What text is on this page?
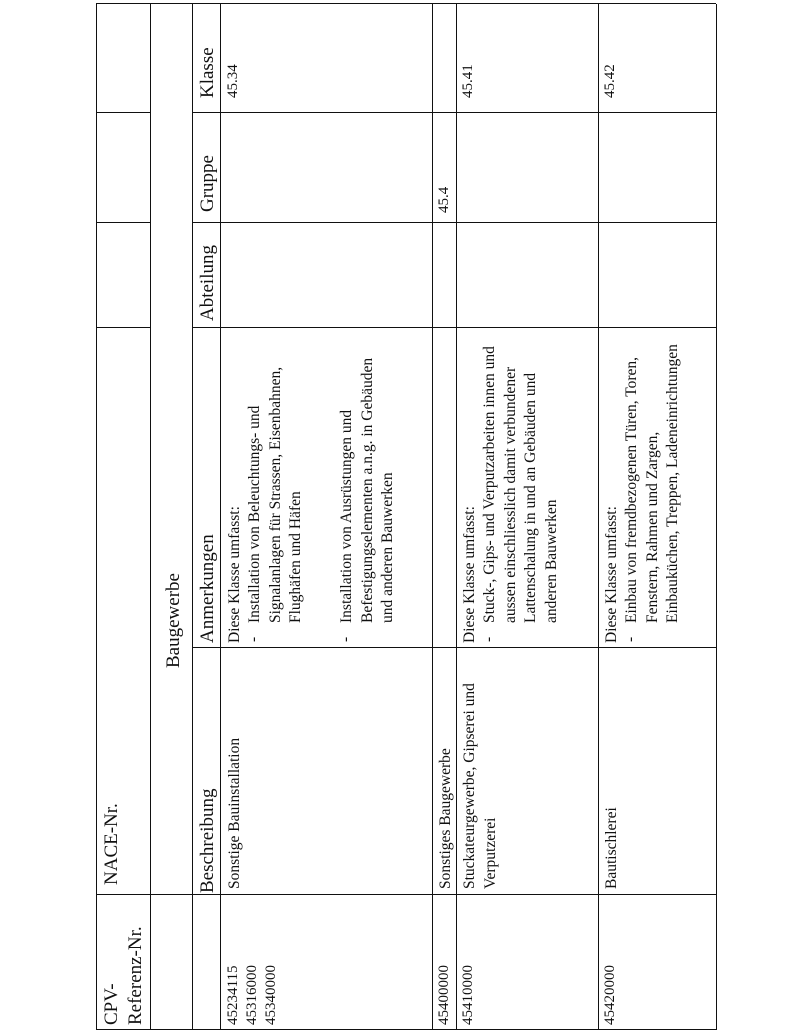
CPV- Referenz-Nr.
NACE-Nr.
Baugewerbe
Beschreibung
Anmerkungen
Abteilung
Gruppe
Klasse
45234115 45316000 45340000
Sonstige Bauinstallation
Diese Klasse umfasst: -
Installation von Beleuchtungs- und Signalanlagen für Strassen, Eisenbahnen, Flughäfen und Häfen
-
Installation von Ausrüstungen und Befestigungselementen a.n.g. in Gebäuden und anderen Bauwerken
45.34
45400000
Sonstiges Baugewerbe
45.4
45410000
Stuckateurgewerbe, Gipserei und Verputzerei
Diese Klasse umfasst: -
Stuck-, Gips- und Verputzarbeiten innen und aussen einschliesslich damit verbundener Lattenschalung in und an Gebäuden und anderen Bauwerken
45.41
45420000
Bautischlerei
Diese Klasse umfasst: -
Einbau von fremdbezogenen Türen, Toren, Fenstern, Rahmen und Zargen, Einbauküchen, Treppen, Ladeneinrichtungen
45.42
